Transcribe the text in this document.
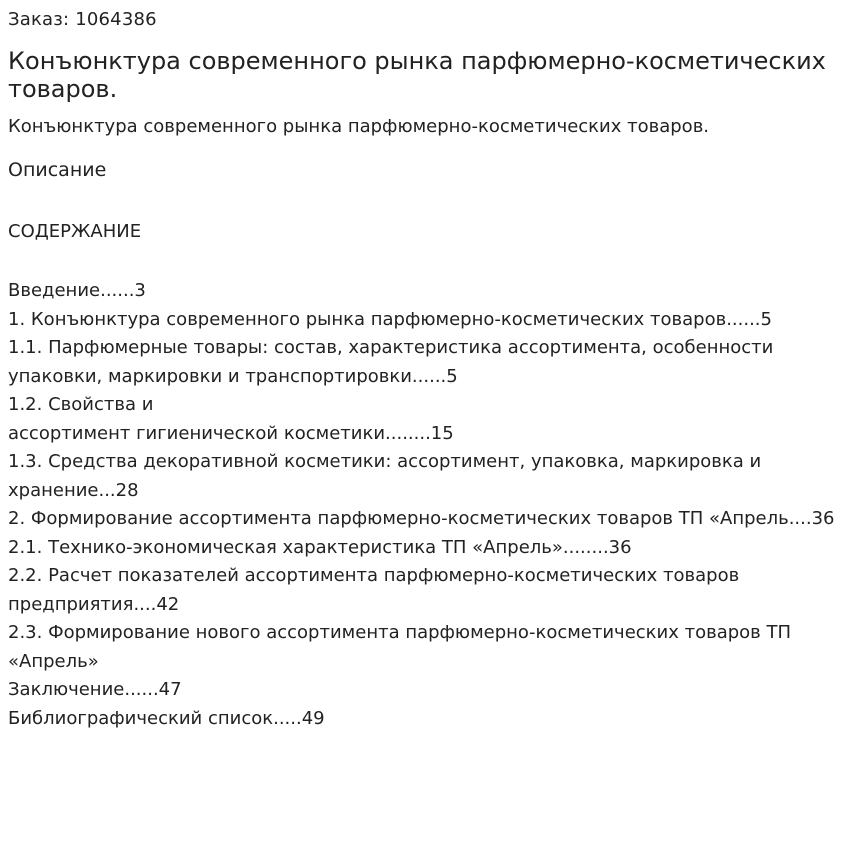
Заказ: 1064386
Конъюнктура современного рынка парфюмерно-косметических товаров.
Конъюнктура современного рынка парфюмерно-косметических товаров.
Описание
СОДЕРЖАНИЕ
Введение......3
1. Конъюнктура современного рынка парфюмерно-косметических товаров......5
1.1. Парфюмерные товары: состав, характеристика ассортимента, особенности упаковки, маркировки и транспортировки......5
1.2. Свойства и
ассортимент гигиенической косметики........15
1.3. Средства декоративной косметики: ассортимент, упаковка, маркировка и хранение...28
2. Формирование ассортимента парфюмерно-косметических товаров ТП «Апрель....36
2.1. Технико-экономическая характеристика ТП «Апрель»........36
2.2. Расчет показателей ассортимента парфюмерно-косметических товаров предприятия....42
2.3. Формирование нового ассортимента парфюмерно-косметических товаров ТП «Апрель»
Заключение......47
Библиографический список.....49
